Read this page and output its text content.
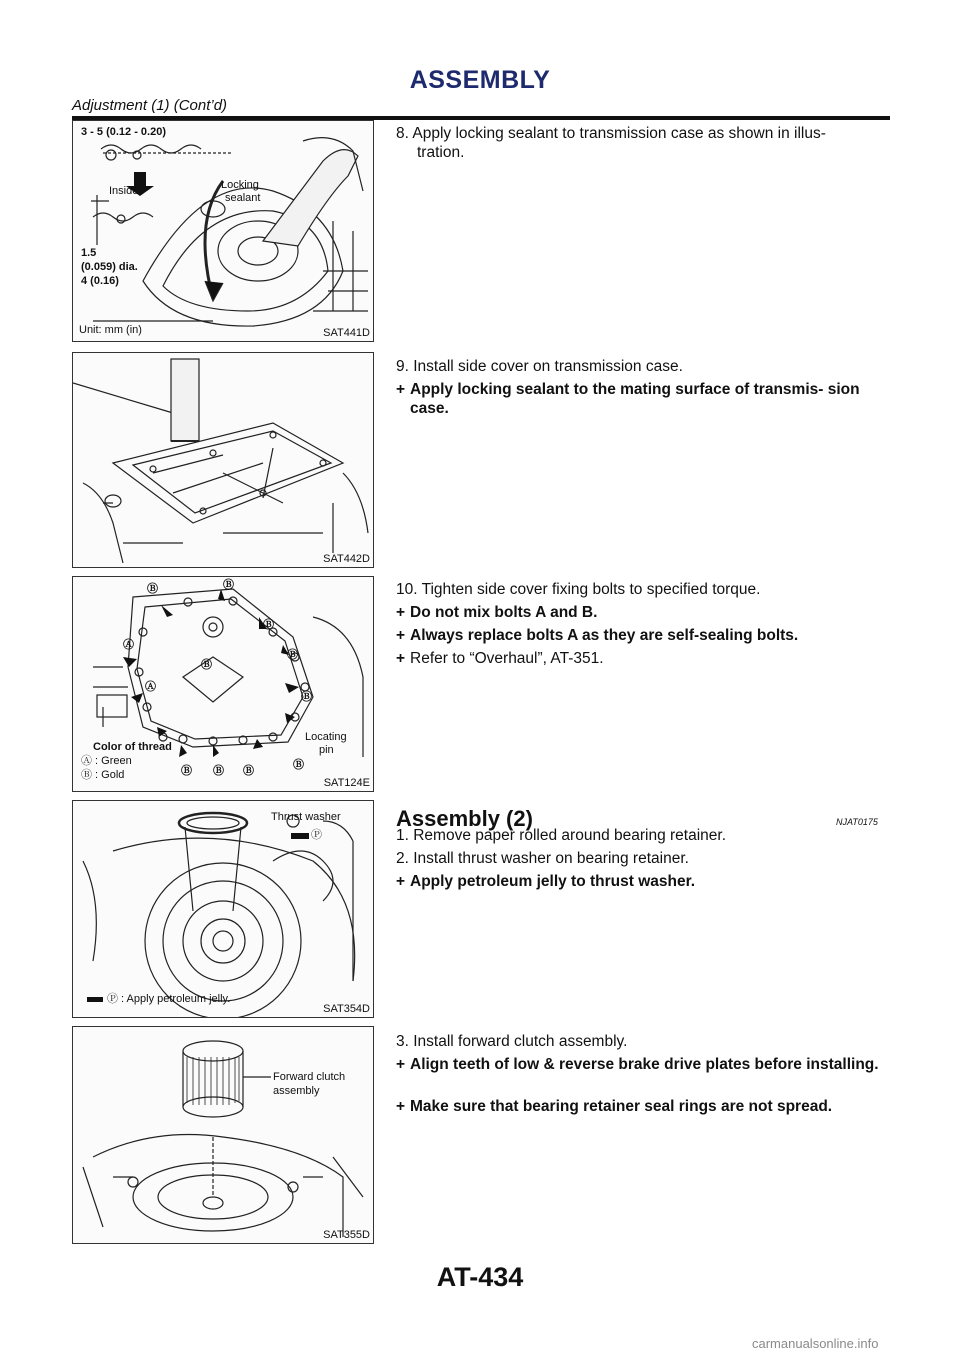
ASSEMBLY
Adjustment (1) (Cont’d)
3 - 5 (0.12 - 0.20)
Inside	Locking
sealant
1.5
(0.059) dia.
4 (0.16)
Unit: mm (in)	SAT441D
SAT442D
Ⓑ	Ⓑ
Ⓐ
Ⓑ
Ⓑ
Ⓑ
Ⓐ
Ⓑ
Color of thread
Ⓐ : Green
Ⓑ : Gold
Locating
pin
Ⓑ Ⓑ Ⓑ	Ⓑ
SAT124E
Thrust washer
Ⓟ
Ⓟ : Apply petroleum jelly.
SAT354D
Forward clutch
assembly
SAT355D
8. Apply locking sealant to transmission case as shown in illus-
tration.
9. Install side cover on transmission case.
+ Apply locking sealant to the mating surface of transmis- sion case.
10. Tighten side cover fixing bolts to specified torque.
+ Do not mix bolts A and B.
+ Always replace bolts A as they are self-sealing bolts.
+ Refer to “Overhaul”, AT-351.
Assembly (2)	NJAT0175
1. Remove paper rolled around bearing retainer.
2. Install thrust washer on bearing retainer.
+ Apply petroleum jelly to thrust washer.
3. Install forward clutch assembly.
+ Align teeth of low & reverse brake drive plates before installing.
+ Make sure that bearing retainer seal rings are not spread.
AT-434
carmanualsonline.info
